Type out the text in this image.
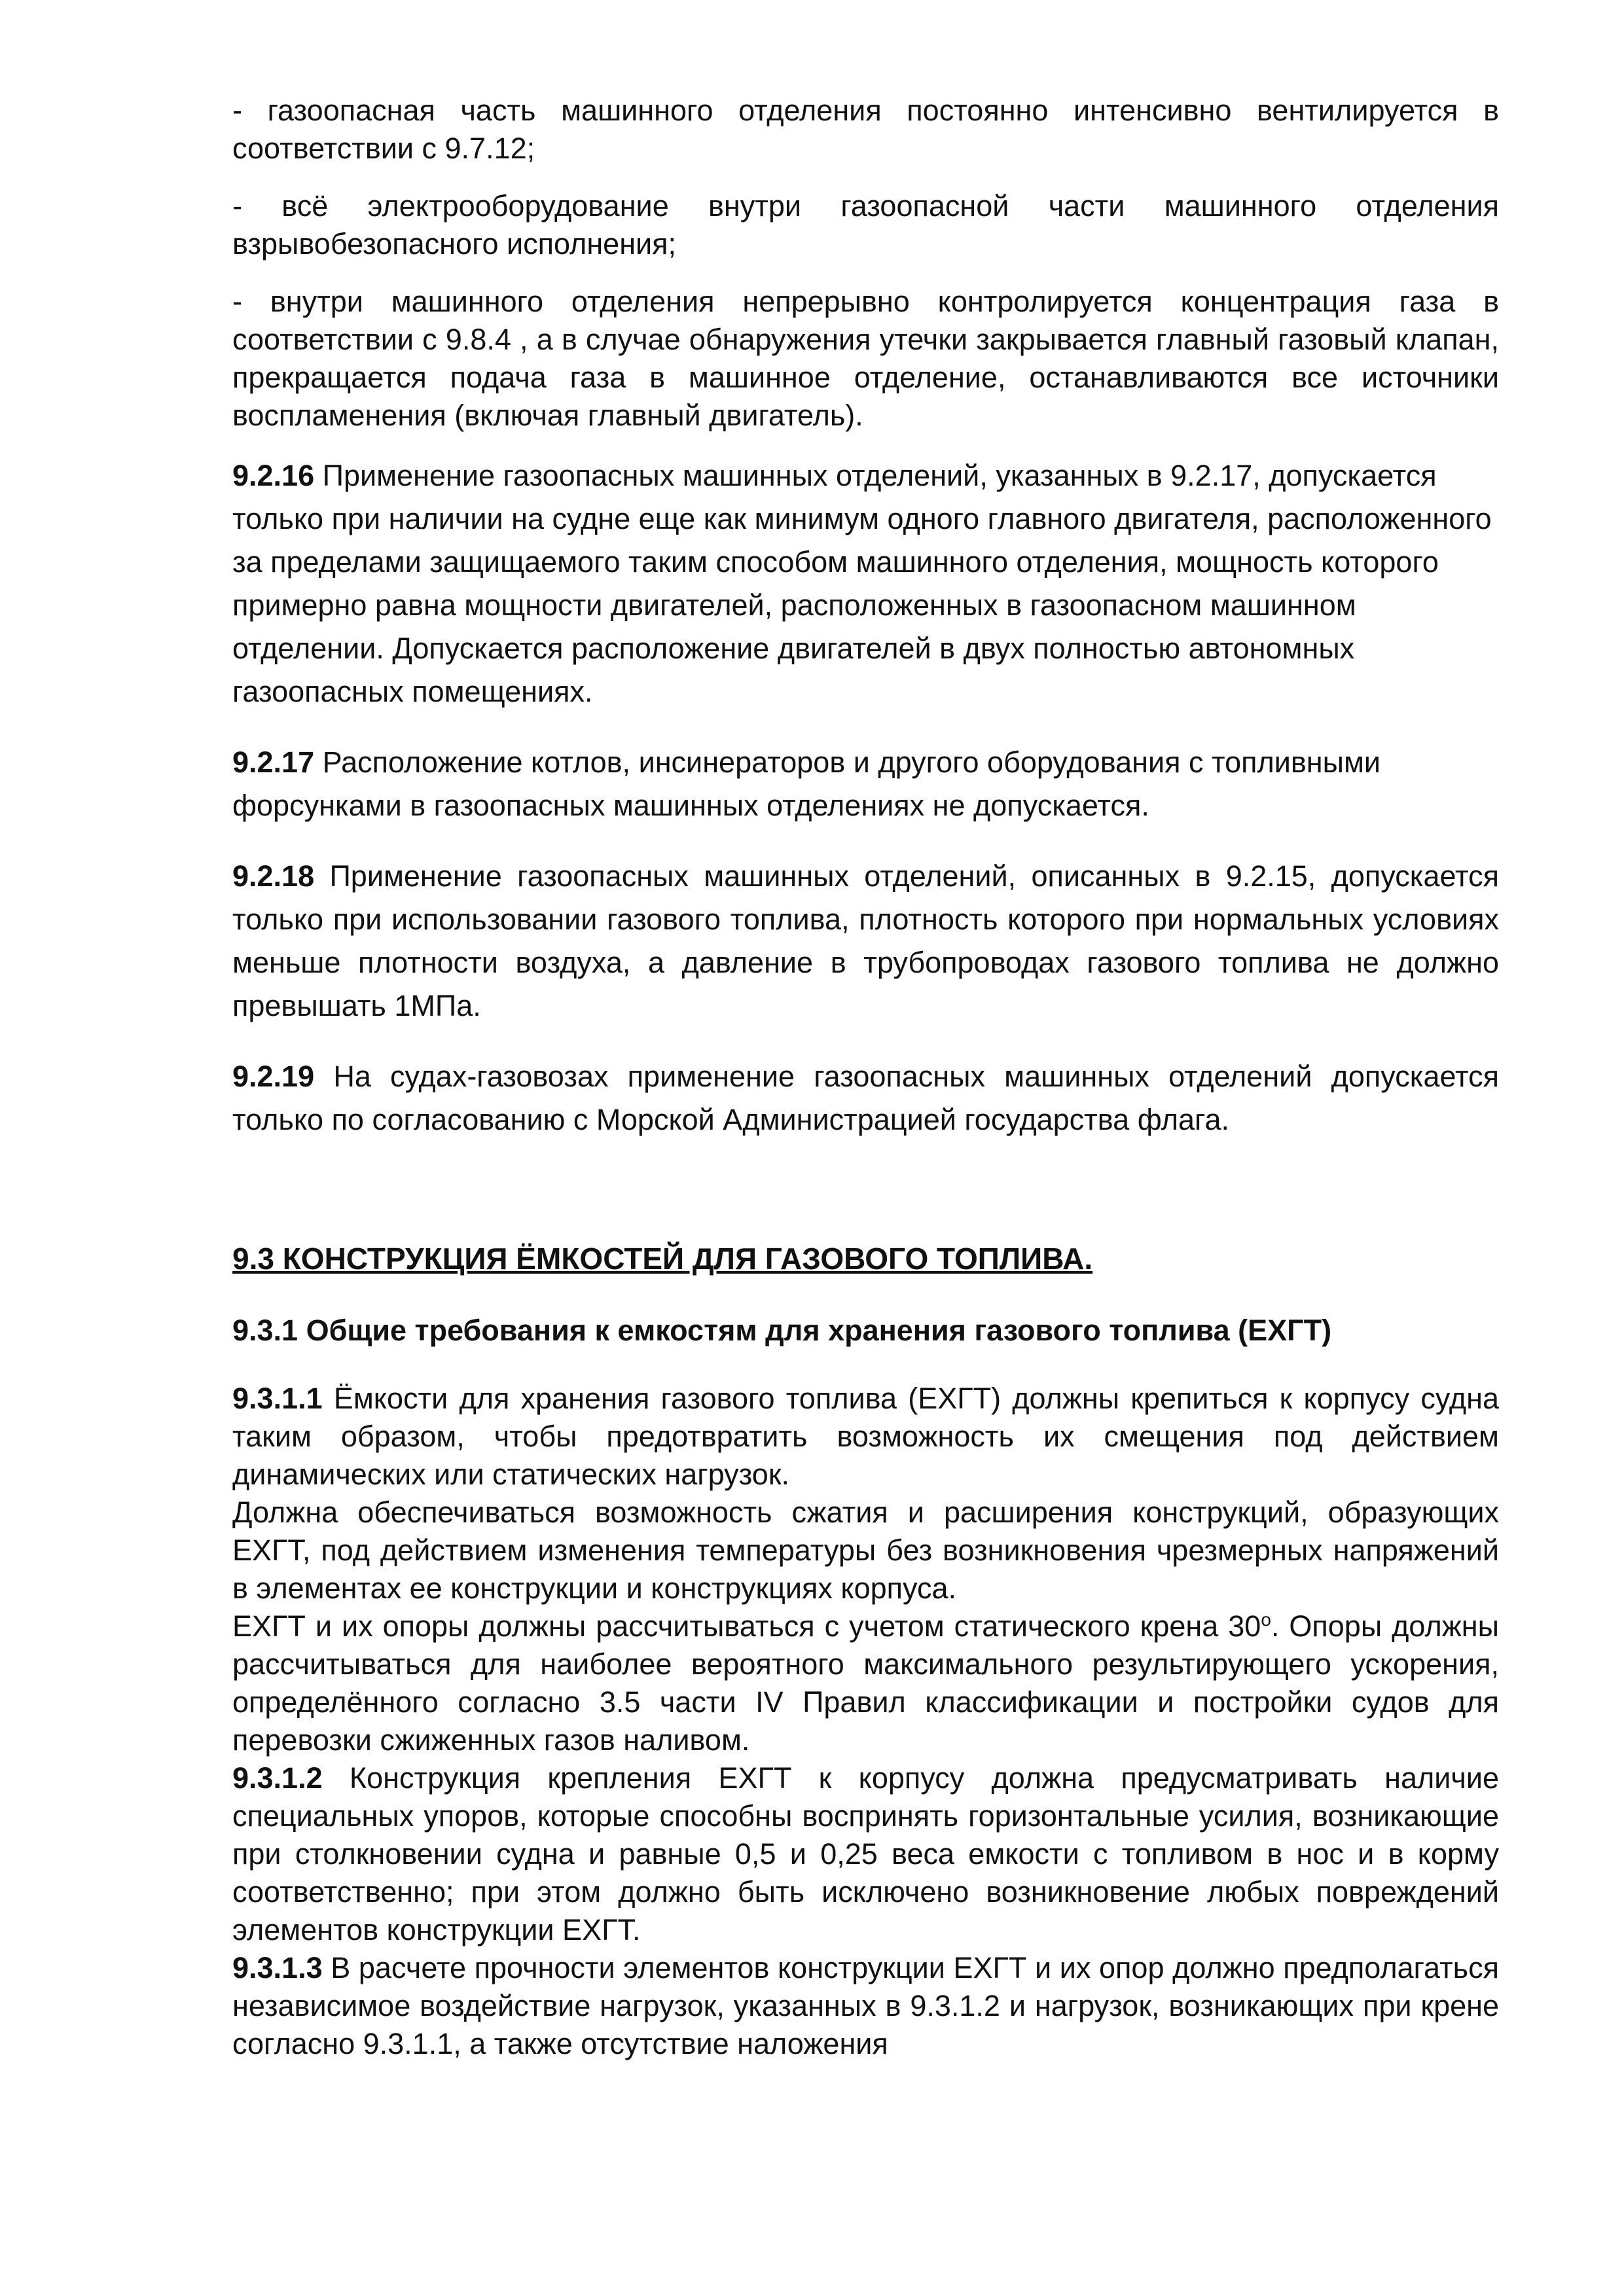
- газоопасная часть машинного отделения постоянно интенсивно вентилируется в соответствии с 9.7.12;

- всё электрооборудование внутри газоопасной части машинного отделения взрывобезопасного исполнения;

- внутри машинного отделения непрерывно контролируется концентрация газа в соответствии с 9.8.4 , а в случае обнаружения утечки закрывается главный газовый клапан, прекращается подача газа в машинное отделение, останавливаются все источники воспламенения (включая главный двигатель).

9.2.16 Применение газоопасных машинных отделений, указанных в 9.2.17, допускается только при наличии на судне еще как минимум одного главного двигателя, расположенного за пределами защищаемого таким способом машинного отделения, мощность которого примерно равна мощности двигателей, расположенных в газоопасном машинном отделении. Допускается расположение двигателей в двух полностью автономных газоопасных помещениях.

9.2.17 Расположение котлов, инсинераторов и другого оборудования с топливными форсунками в газоопасных машинных отделениях не допускается.

9.2.18 Применение газоопасных машинных отделений, описанных в 9.2.15, допускается только при использовании газового топлива, плотность которого при нормальных условиях меньше плотности воздуха, а давление в трубопроводах газового топлива не должно превышать 1МПа.

9.2.19 На судах-газовозах применение газоопасных машинных отделений допускается только по согласованию с Морской Администрацией государства флага.

9.3 КОНСТРУКЦИЯ ЁМКОСТЕЙ ДЛЯ ГАЗОВОГО ТОПЛИВА.

9.3.1 Общие требования к емкостям для хранения газового топлива (ЕХГТ)

9.3.1.1 Ёмкости для хранения газового топлива (ЕХГТ) должны крепиться к корпусу судна таким образом, чтобы предотвратить возможность их смещения под действием динамических или статических нагрузок.

Должна обеспечиваться возможность сжатия и расширения конструкций, образующих ЕХГТ, под действием изменения температуры без возникновения чрезмерных напряжений в элементах ее конструкции и конструкциях корпуса.

ЕХГТ и их опоры должны рассчитываться с учетом статического крена 30$^o$. Опоры должны рассчитываться для наиболее вероятного максимального результирующего ускорения, определённого согласно 3.5 части IV Правил классификации и постройки судов для перевозки сжиженных газов наливом.

9.3.1.2 Конструкция крепления ЕХГТ к корпусу должна предусматривать наличие специальных упоров, которые способны воспринять горизонтальные усилия, возникающие при столкновении судна и равные 0,5 и 0,25 веса емкости с топливом в нос и в корму соответственно; при этом должно быть исключено возникновение любых повреждений элементов конструкции ЕХГТ.

9.3.1.3 В расчете прочности элементов конструкции ЕХГТ и их опор должно предполагаться независимое воздействие нагрузок, указанных в 9.3.1.2 и нагрузок, возникающих при крене согласно 9.3.1.1, а также отсутствие наложения
